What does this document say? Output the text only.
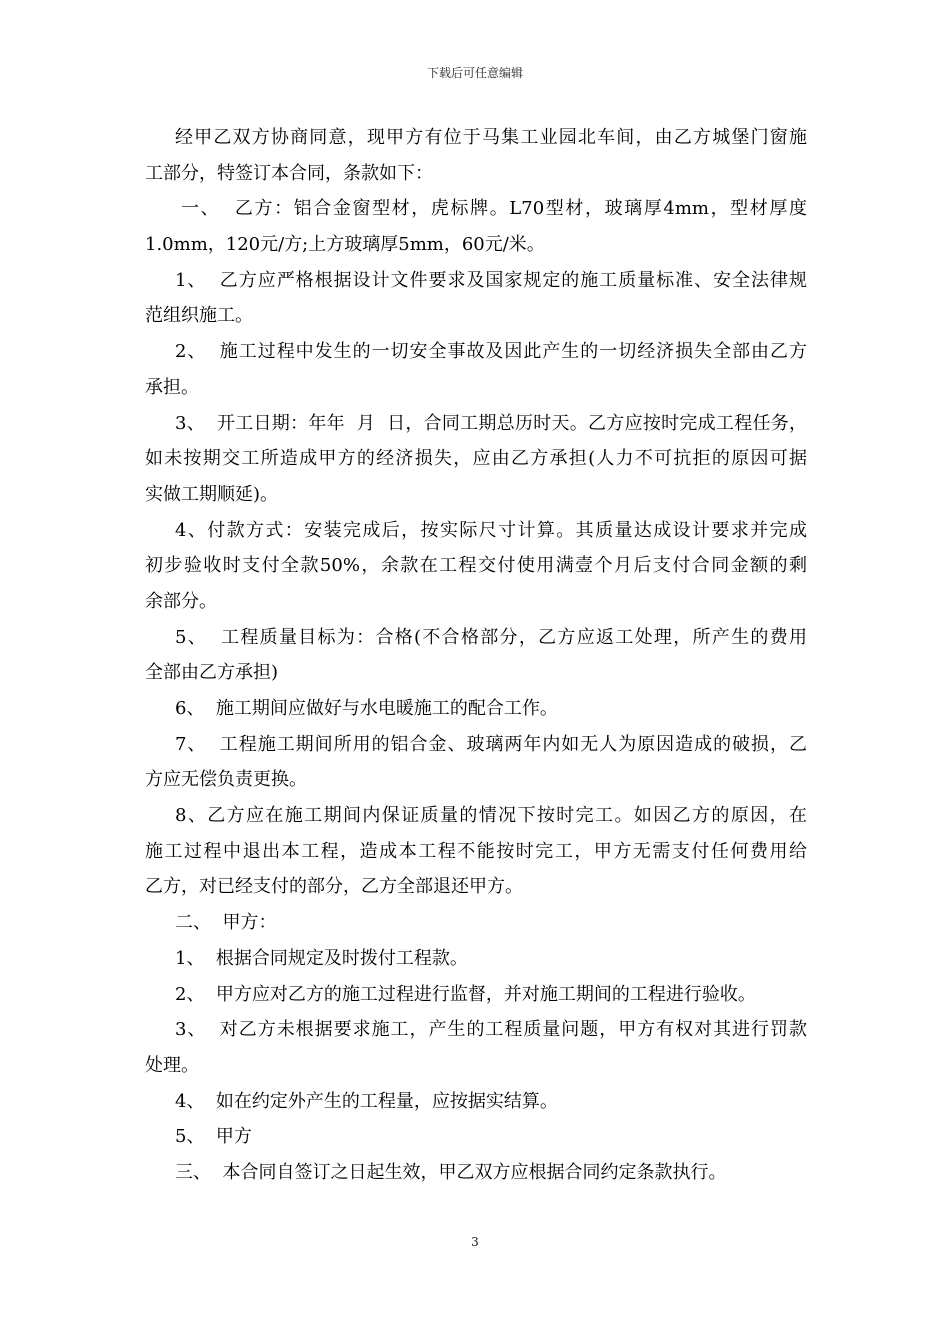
下载后可任意编辑
经甲乙双方协商同意，现甲方有位于马集工业园北车间，由乙方城堡门窗施
工部分，特签订本合同，条款如下：
一、  乙方：铝合金窗型材，虎标牌。L70型材，玻璃厚4mm，型材厚度
1.0mm，120元/方;上方玻璃厚5mm，60元/米。
1、  乙方应严格根据设计文件要求及国家规定的施工质量标准、安全法律规
范组织施工。
2、  施工过程中发生的一切安全事故及因此产生的一切经济损失全部由乙方
承担。
3、  开工日期：年年  月  日，合同工期总历时天。乙方应按时完成工程任务，
如未按期交工所造成甲方的经济损失，应由乙方承担(人力不可抗拒的原因可据
实做工期顺延)。
4、付款方式：安装完成后，按实际尺寸计算。其质量达成设计要求并完成
初步验收时支付全款50%，余款在工程交付使用满壹个月后支付合同金额的剩
余部分。
5、  工程质量目标为：合格(不合格部分，乙方应返工处理，所产生的费用
全部由乙方承担)
6、  施工期间应做好与水电暖施工的配合工作。
7、  工程施工期间所用的铝合金、玻璃两年内如无人为原因造成的破损，乙
方应无偿负责更换。
8、乙方应在施工期间内保证质量的情况下按时完工。如因乙方的原因，在
施工过程中退出本工程，造成本工程不能按时完工，甲方无需支付任何费用给
乙方，对已经支付的部分，乙方全部退还甲方。
二、  甲方：
1、  根据合同规定及时拨付工程款。
2、  甲方应对乙方的施工过程进行监督，并对施工期间的工程进行验收。
3、  对乙方未根据要求施工，产生的工程质量问题，甲方有权对其进行罚款
处理。
4、  如在约定外产生的工程量，应按据实结算。
5、  甲方
三、  本合同自签订之日起生效，甲乙双方应根据合同约定条款执行。
3
